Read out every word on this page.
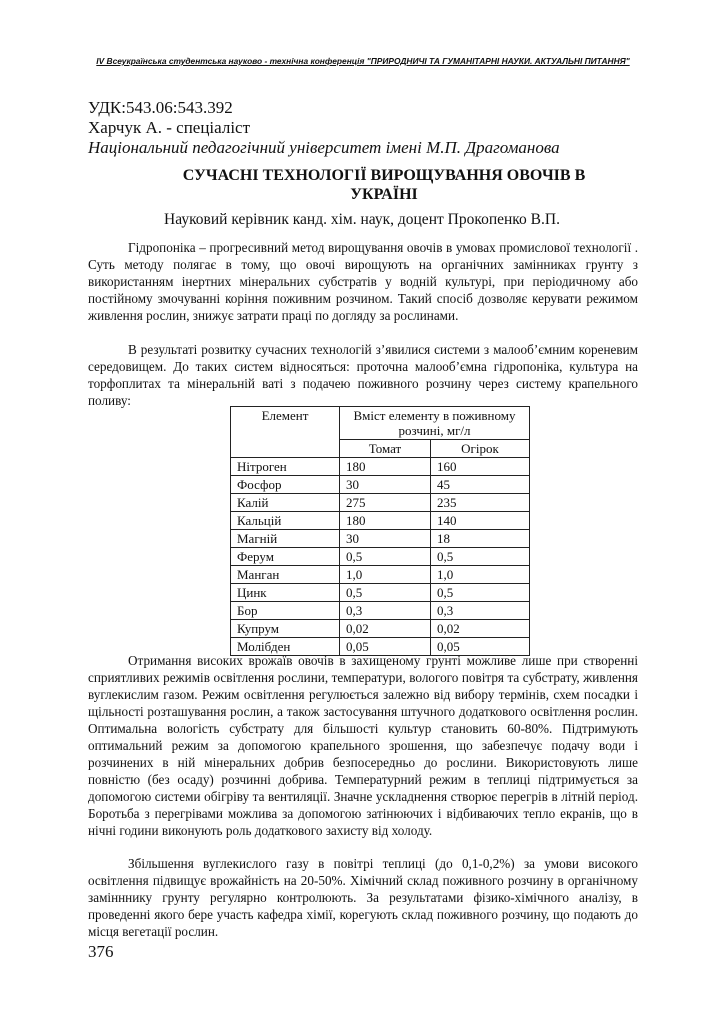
IV Всеукраїнська студентська науково - технічна конференція "ПРИРОДНИЧІ ТА ГУМАНІТАРНІ НАУКИ. АКТУАЛЬНІ ПИТАННЯ"
УДК:543.06:543.392
Харчук А. - спеціаліст
Національний педагогічний університет імені М.П. Драгоманова
СУЧАСНІ ТЕХНОЛОГІЇ ВИРОЩУВАННЯ ОВОЧІВ В УКРАЇНІ
Науковий керівник канд. хім. наук, доцент Прокопенко В.П.

Гідропоніка – прогресивний метод вирощування овочів в умовах промислової технології . Суть методу полягає в тому, що овочі вирощують на органічних замінниках грунту з використанням інертних мінеральних субстратів у водній культурі, при періодичному або постійному змочуванні коріння поживним розчином. Такий спосіб дозволяє керувати режимом живлення рослин, знижує затрати праці по догляду за рослинами.

В результаті розвитку сучасних технологій з’явилися системи з малооб’ємним кореневим середовищем. До таких систем відносяться: проточна малооб’ємна гідропоніка, культура на торфоплитах та мінеральній ваті з подачею поживного розчину через систему крапельного поливу:

Елемент	Вміст елементу в поживному розчині, мг/л	
	Томат	Огірок
Нітроген	180	160
Фосфор	30	45
Калій	275	235
Кальцій	180	140
Магній	30	18
Ферум	0,5	0,5
Манган	1,0	1,0
Цинк	0,5	0,5
Бор	0,3	0,3
Купрум	0,02	0,02
Молібден	0,05	0,05

Отримання високих врожаїв овочів в захищеному грунті можливе лише при створенні сприятливих режимів освітлення рослини, температури, вологого повітря та субстрату, живлення вуглекислим газом. Режим освітлення регулюється залежно від вибору термінів, схем посадки і щільності розташування рослин, а також застосування штучного додаткового освітлення рослин. Оптимальна вологість субстрату для більшості культур становить 60-80%. Підтримують оптимальний режим за допомогою крапельного зрошення, що забезпечує подачу води і розчинених в ній мінеральних добрив безпосередньо до рослини. Використовують лише повністю (без осаду) розчинні добрива. Температурний режим в теплиці підтримується за допомогою системи обігріву та вентиляції. Значне ускладнення створює перегрів в літній період. Боротьба з перегрівами можлива за допомогою затінюючих і відбиваючих тепло екранів, що в нічні години виконують роль додаткового захисту від холоду.

Збільшення вуглекислого газу в повітрі теплиці (до 0,1-0,2%) за умови високого освітлення підвищує врожайність на 20-50%. Хімічний склад поживного розчину в органічному замінннику грунту регулярно контролюють. За результатами фізико-хімічного аналізу, в проведенні якого бере участь кафедра хімії, корегують склад поживного розчину, що подають до місця вегетації рослин.

376
